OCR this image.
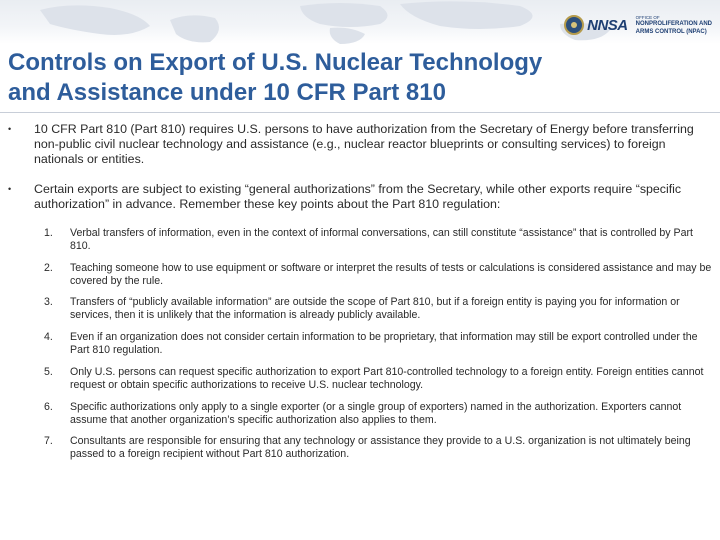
NNSA OFFICE OF
NONPROLIFERATION AND
ARMS CONTROL (NPAC)
Controls on Export of U.S. Nuclear Technology
and Assistance under 10 CFR Part 810
• 10 CFR Part 810 (Part 810) requires U.S. persons to have authorization from the Secretary of Energy before transferring non-public civil nuclear technology and assistance (e.g., nuclear reactor blueprints or consulting services) to foreign nationals or entities.
• Certain exports are subject to existing “general authorizations” from the Secretary, while other exports require “specific authorization” in advance. Remember these key points about the Part 810 regulation:
1. Verbal transfers of information, even in the context of informal conversations, can still constitute “assistance” that is controlled by Part 810.
2. Teaching someone how to use equipment or software or interpret the results of tests or calculations is considered assistance and may be covered by the rule.
3. Transfers of “publicly available information” are outside the scope of Part 810, but if a foreign entity is paying you for information or services, then it is unlikely that the information is already publicly available.
4. Even if an organization does not consider certain information to be proprietary, that information may still be export controlled under the Part 810 regulation.
5. Only U.S. persons can request specific authorization to export Part 810-controlled technology to a foreign entity. Foreign entities cannot request or obtain specific authorizations to receive U.S. nuclear technology.
6. Specific authorizations only apply to a single exporter (or a single group of exporters) named in the authorization. Exporters cannot assume that another organization’s specific authorization also applies to them.
7. Consultants are responsible for ensuring that any technology or assistance they provide to a U.S. organization is not ultimately being passed to a foreign recipient without Part 810 authorization.
